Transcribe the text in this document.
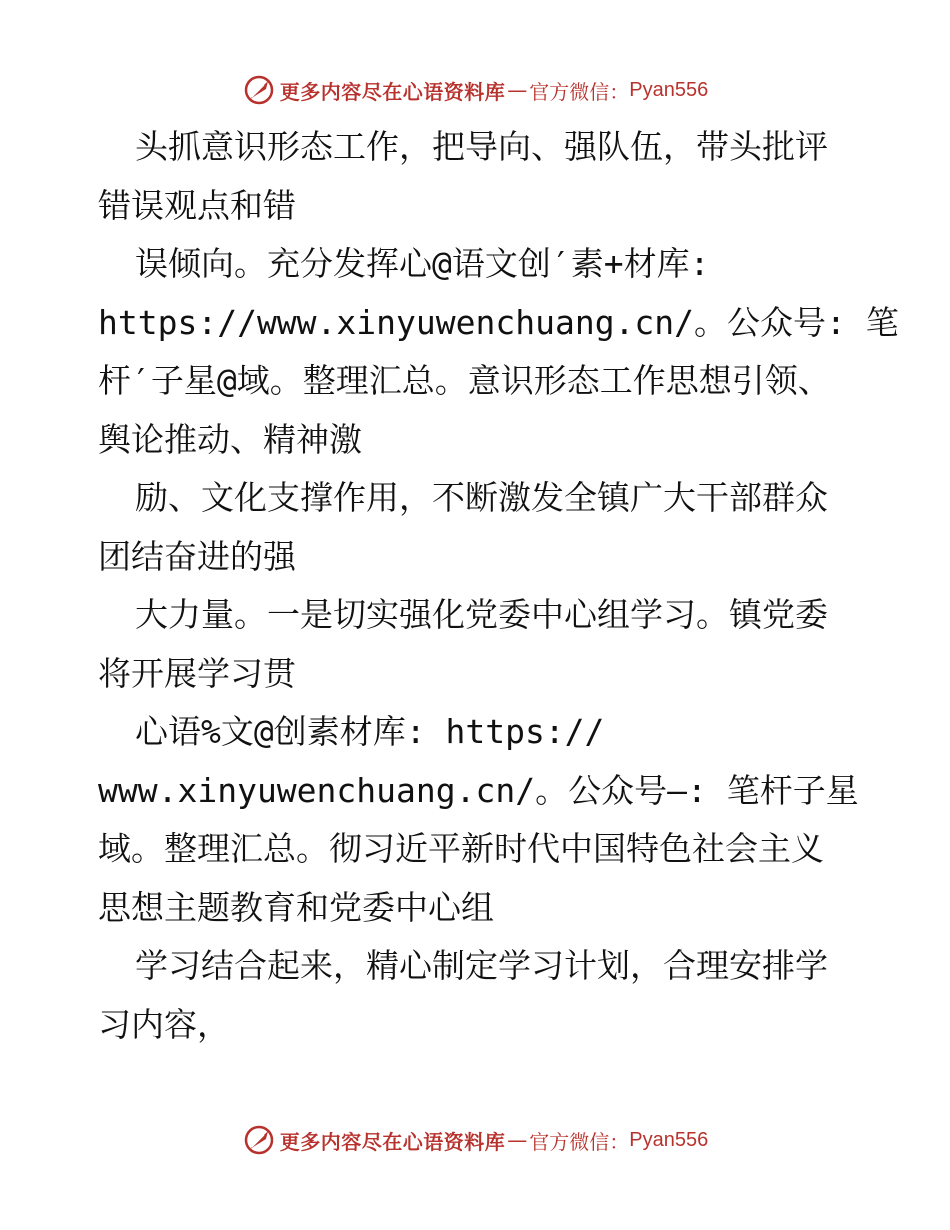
更多内容尽在心语资料库 — 官方微信： Pyan556
头抓意识形态工作，把导向、强队伍，带头批评
错误观点和错
误倾向。充分发挥心@语文创′素+材库:
https://www.xinyuwenchuang.cn/。公众号: 笔
杆′子星@域。整理汇总。意识形态工作思想引领、
舆论推动、精神激
励、文化支撑作用，不断激发全镇广大干部群众
团结奋进的强
大力量。一是切实强化党委中心组学习。镇党委
将开展学习贯
心语%文@创素材库: https://
www.xinyuwenchuang.cn/。公众号—: 笔杆子星
域。整理汇总。彻习近平新时代中国特色社会主义
思想主题教育和党委中心组
学习结合起来，精心制定学习计划，合理安排学
习内容，
更多内容尽在心语资料库 — 官方微信： Pyan556
